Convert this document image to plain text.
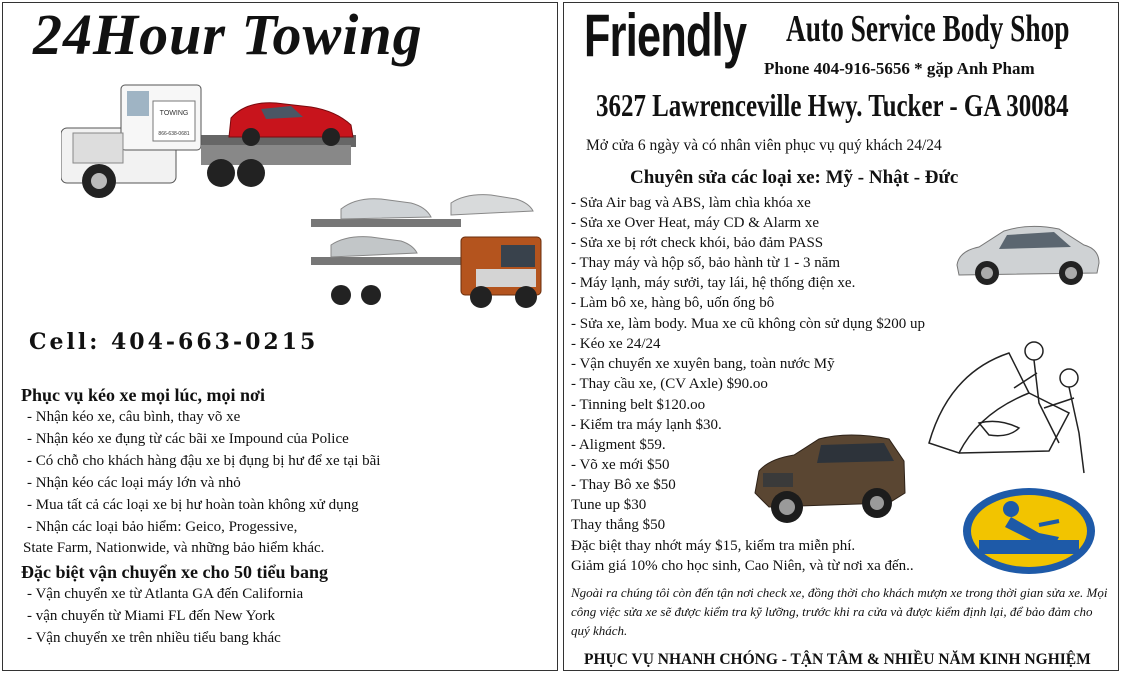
24Hour Towing
TOWING
866-638-0681
Cell: 404-663-0215
Phục vụ kéo xe mọi lúc, mọi nơi
- Nhận kéo xe, câu bình, thay võ xe
- Nhận kéo xe đụng từ các bãi xe Impound của Police
- Có chỗ cho khách hàng đậu xe bị đụng bị hư để xe tại bãi
- Nhận kéo các loại máy lớn và nhỏ
- Mua tất cả các loại xe bị hư hoàn toàn không xử dụng
- Nhận các loại bảo hiểm: Geico, Progessive,
State Farm, Nationwide, và những bảo hiểm khác.
Đặc biệt vận chuyển xe cho 50 tiểu bang
- Vận chuyển xe từ Atlanta GA đến California
- vận chuyển từ Miami FL đến New York
- Vận chuyển xe trên nhiều tiểu bang khác
Friendly Auto Service Body Shop
Phone 404-916-5656 * gặp Anh Pham
3627 Lawrenceville Hwy. Tucker - GA 30084
Mở cửa 6 ngày và có nhân viên phục vụ quý khách 24/24
Chuyên sửa các loại xe: Mỹ - Nhật - Đức
- Sửa Air bag và ABS, làm chìa khóa xe
- Sửa xe Over Heat, máy CD & Alarm xe
- Sửa xe bị rớt check khói, bảo đảm PASS
- Thay máy và hộp số, bảo hành từ 1 - 3 năm
- Máy lạnh, máy sưởi, tay lái, hệ thống điện xe.
- Làm bô xe, hàng bô, uốn ống bô
- Sửa xe, làm body. Mua xe cũ không còn sử dụng $200 up
- Kéo xe 24/24
- Vận chuyển xe xuyên bang, toàn nước Mỹ
- Thay cầu xe, (CV Axle) $90.oo
- Tinning belt $120.oo
- Kiểm tra máy lạnh $30.
- Aligment $59.
- Võ xe mới $50
- Thay Bô xe $50
Tune up $30
Thay thắng $50
Đặc biệt thay nhớt máy $15, kiểm tra miễn phí.
Giảm giá 10% cho học sinh, Cao Niên, và từ nơi xa đến..
Ngoài ra chúng tôi còn đến tận nơi check xe, đồng thời cho khách mượn xe trong thời gian sửa xe. Mọi công việc sửa xe sẽ được kiểm tra kỹ lưỡng, trước khi ra cửa và được kiểm định lại, để bảo đảm cho quý khách.
PHỤC VỤ NHANH CHÓNG - TẬN TÂM & NHIỀU NĂM KINH NGHIỆM
